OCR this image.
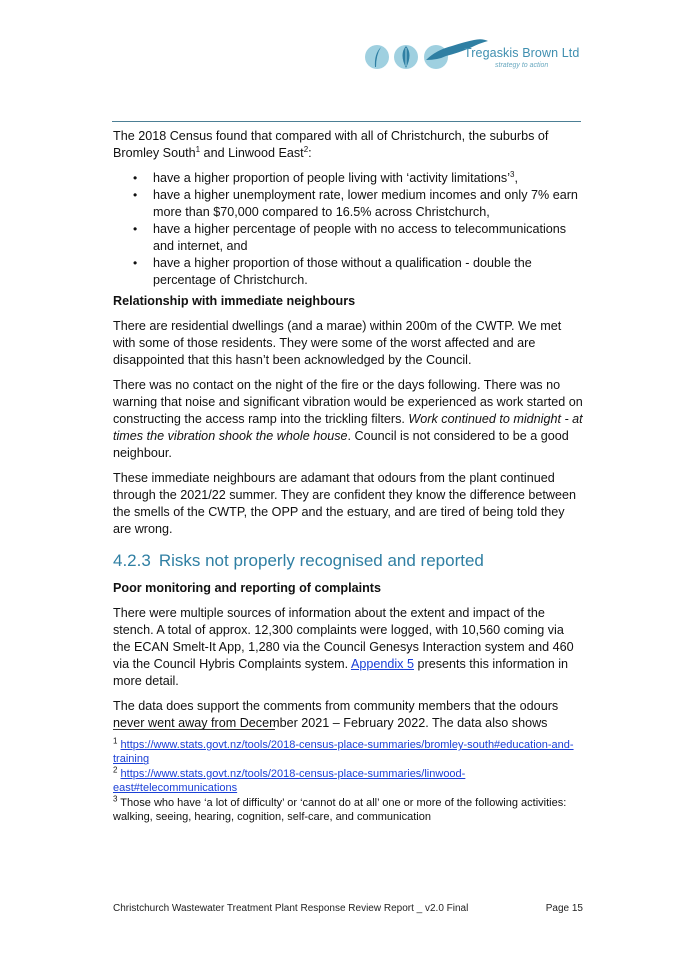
Tregaskis Brown Ltd
strategy to action

The 2018 Census found that compared with all of Christchurch, the suburbs of Bromley South$^1$ and Linwood East$^2$:

• have a higher proportion of people living with ‘activity limitations’$^3$,
• have a higher unemployment rate, lower medium incomes and only 7% earn more than $70,000 compared to 16.5% across Christchurch,
• have a higher percentage of people with no access to telecommunications and internet, and
• have a higher proportion of those without a qualification - double the percentage of Christchurch.
Relationship with immediate neighbours

There are residential dwellings (and a marae) within 200m of the CWTP. We met with some of those residents. They were some of the worst affected and are disappointed that this hasn’t been acknowledged by the Council.

There was no contact on the night of the fire or the days following. There was no warning that noise and significant vibration would be experienced as work started on constructing the access ramp into the trickling filters. Work continued to midnight - at times the vibration shook the whole house. Council is not considered to be a good neighbour.

These immediate neighbours are adamant that odours from the plant continued through the 2021/22 summer. They are confident they know the difference between the smells of the CWTP, the OPP and the estuary, and are tired of being told they are wrong.

4.2.3 Risks not properly recognised and reported
Poor monitoring and reporting of complaints

There were multiple sources of information about the extent and impact of the stench. A total of approx. 12,300 complaints were logged, with 10,560 coming via the ECAN Smelt-It App, 1,280 via the Council Genesys Interaction system and 460 via the Council Hybris Complaints system. Appendix 5 presents this information in more detail.

The data does support the comments from community members that the odours never went away from December 2021 – February 2022. The data also shows

$^1$ https://www.stats.govt.nz/tools/2018-census-place-summaries/bromley-south#education-and-training
$^2$ https://www.stats.govt.nz/tools/2018-census-place-summaries/linwood-east#telecommunications
$^3$ Those who have ‘a lot of difficulty’ or ‘cannot do at all’ one or more of the following activities: walking, seeing, hearing, cognition, self-care, and communication
Christchurch Wastewater Treatment Plant Response Review Report _ v2.0 Final	Page 15
